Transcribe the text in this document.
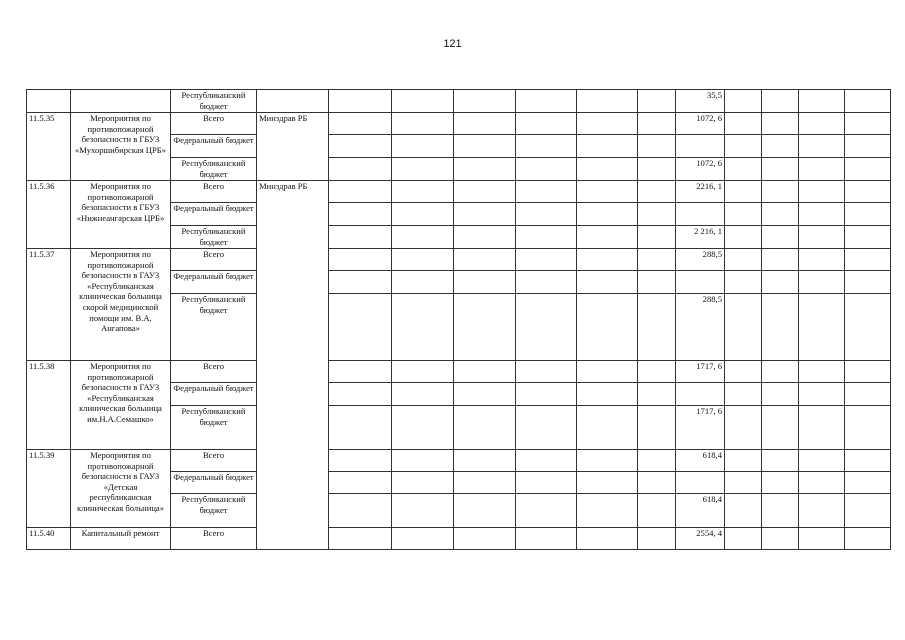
121
		Республиканский бюджет								35,5				
11.5.35	Мероприятия по противопожарной безопасности в ГБУЗ «Мухоршибирская ЦРБ»	Всего	Минздрав РБ							1072, 6				
		Федеральный бюджет												
		Республиканский бюджет								1072, 6				
11.5.36	Мероприятия по противопожарной безопасности в ГБУЗ «Нижнеангарская ЦРБ»	Всего	Минздрав РБ							2216, 1				
		Федеральный бюджет												
		Республиканский бюджет								2 216, 1				
11.5.37	Мероприятия по противопожарной безопасности в ГАУЗ «Республиканская клиническая больница скорой медицинской помощи им. В.А. Ангапова»	Всего								288,5				
		Федеральный бюджет												
		Республиканский бюджет								288,5				
11.5.38	Мероприятия по противопожарной безопасности в ГАУЗ «Республиканская клиническая больница им.Н.А.Семашко»	Всего								1717, 6				
		Федеральный бюджет												
		Республиканский бюджет								1717, 6				
11.5.39	Мероприятия по противопожарной безопасности в ГАУЗ «Детская республиканская клиническая больница»	Всего								618,4				
		Федеральный бюджет												
		Республиканский бюджет								618,4				
11.5.40	Капитальный ремонт	Всего								2554, 4				
